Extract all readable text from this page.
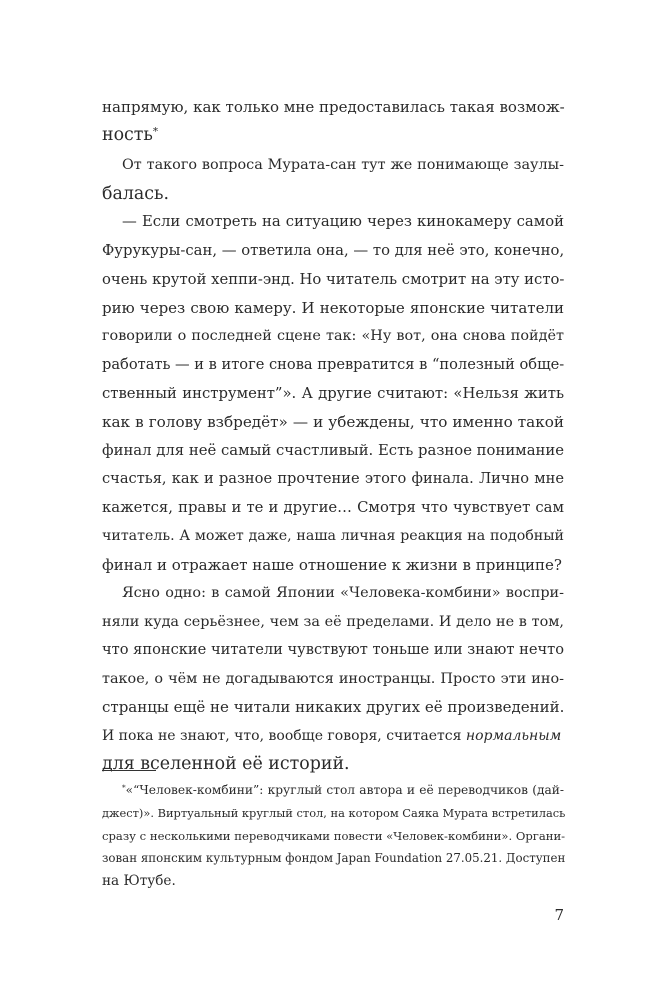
напрямую, как только мне предоставилась такая возмож-
ность*
От такого вопроса Мурата-сан тут же понимающе заулы-
балась.
— Если смотреть на ситуацию через кинокамеру самой
Фурукуры-сан, — ответила она, — то для неё это, конечно,
очень крутой хеппи-энд. Но читатель смотрит на эту исто-
рию через свою камеру. И некоторые японские читатели
говорили о последней сцене так: «Ну вот, она снова пойдёт
работать — и в итоге снова превратится в “полезный обще-
ственный инструмент”». А другие считают: «Нельзя жить
как в голову взбредёт» — и убеждены, что именно такой
финал для неё самый счастливый. Есть разное понимание
счастья, как и разное прочтение этого финала. Лично мне
кажется, правы и те и другие… Смотря что чувствует сам
читатель. А может даже, наша личная реакция на подобный
финал и отражает наше отношение к жизни в принципе?
Ясно одно: в самой Японии «Человека-комбини» воспри-
няли куда серьёзнее, чем за её пределами. И дело не в том,
что японские читатели чувствуют тоньше или знают нечто
такое, о чём не догадываются иностранцы. Просто эти ино-
странцы ещё не читали никаких других её произведений.
И пока не знают, что, вообще говоря, считается нормальным
для вселенной её историй.
*«“Человек-комбини”: круглый стол автора и её переводчиков (дай-
джест)». Виртуальный круглый стол, на котором Саяка Мурата встретилась
сразу с несколькими переводчиками повести «Человек-комбини». Органи-
зован японским культурным фондом Japan Foundation 27.05.21. Доступен
на Ютубе.
7
